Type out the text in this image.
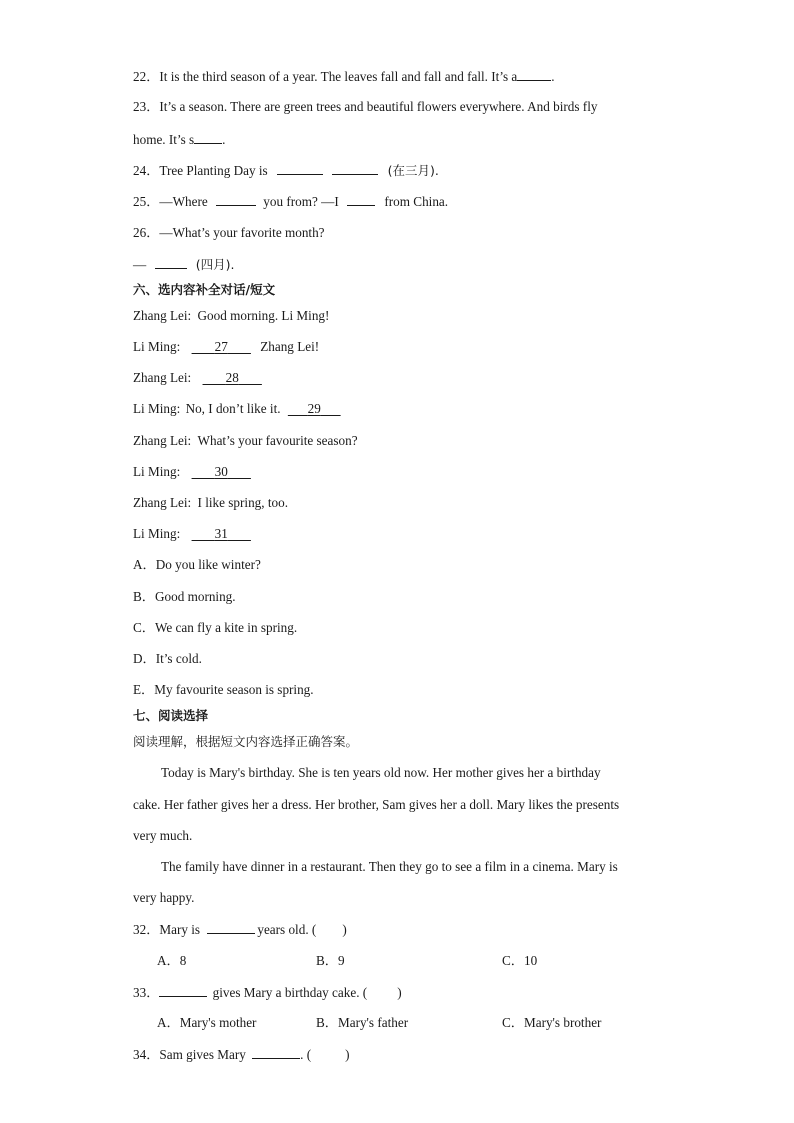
22．It is the third season of a year. The leaves fall and fall and fall. It’s a	.
23．It’s a season. There are green trees and beautiful flowers everywhere. And birds fly
home. It’s s .
24．Tree Planting Day is	(在三月).
25．—Where	you from? —I	from China.
26．—What’s your favorite month?
—	(四月).
六、选内容补全对话/短文
Zhang Lei: Good morning. Li Ming!
Li Ming:	27 Zhang Lei!
Zhang Lei:	28
Li Ming: No, I don’t like it. 29
Zhang Lei: What’s your favourite season?
Li Ming:	30
Zhang Lei: I like spring, too.
Li Ming:	31
A．Do you like winter?
B．Good morning.
C．We can fly a kite in spring.
D．It’s cold.
E．My favourite season is spring.
七、阅读选择
阅读理解，根据短文内容选择正确答案。
Today is Mary's birthday. She is ten years old now. Her mother gives her a birthday
cake. Her father gives her a dress. Her brother, Sam gives her a doll. Mary likes the presents
very much.
The family have dinner in a restaurant. Then they go to see a film in a cinema. Mary is
very happy.
32．Mary is	years old. ( )
A．8	B．9	C．10
33．	gives Mary a birthday cake. ( )
A．Mary's mother	B．Mary's father	C．Mary's brother
34．Sam gives Mary	. (	)
